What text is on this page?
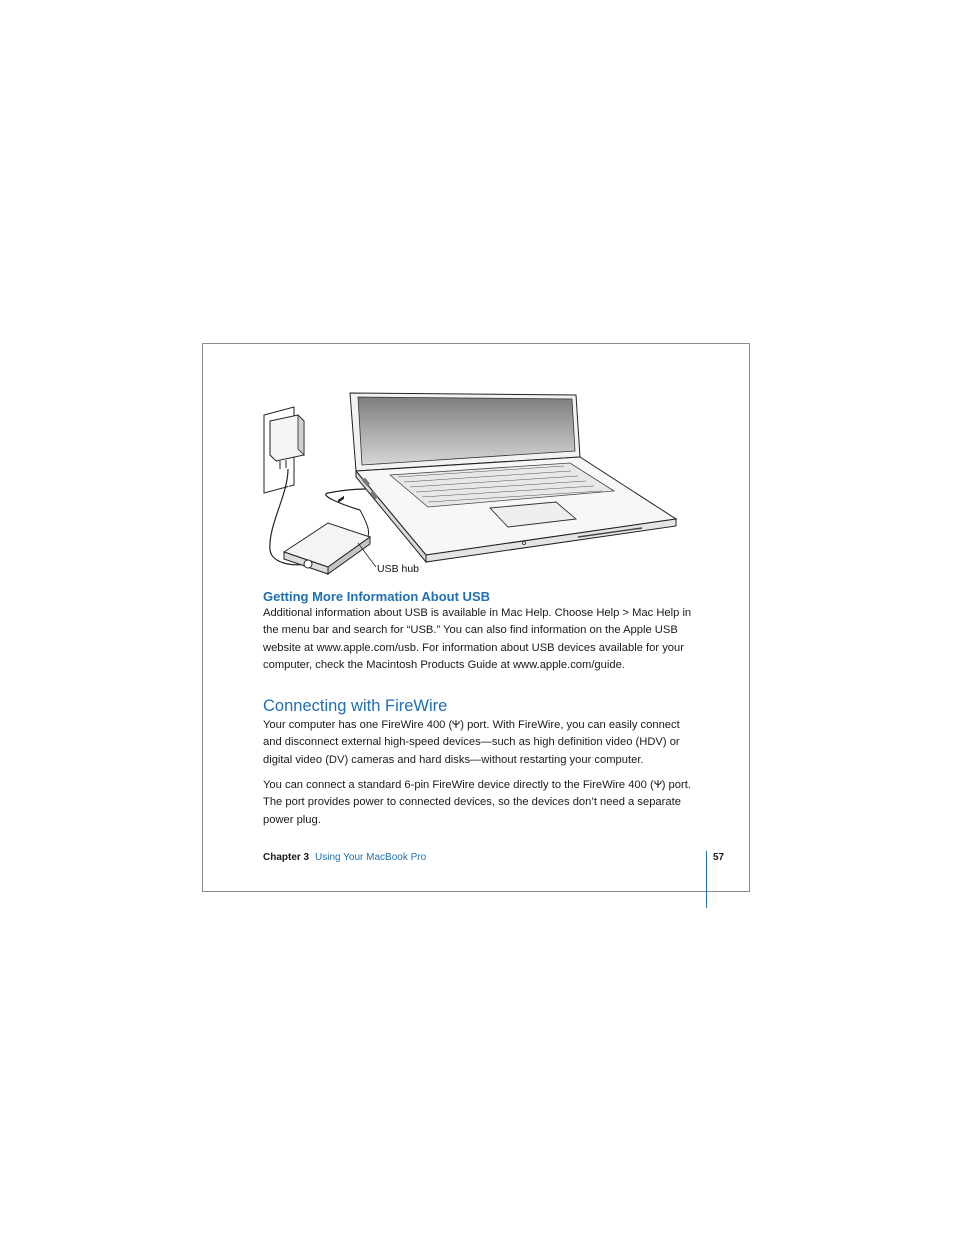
USB hub
Getting More Information About USB
Additional information about USB is available in Mac Help. Choose Help > Mac Help in
the menu bar and search for “USB.” You can also find information on the Apple USB
website at www.apple.com/usb. For information about USB devices available for your
computer, check the Macintosh Products Guide at www.apple.com/guide.
Connecting with FireWire
Your computer has one FireWire 400 ( ) port. With FireWire, you can easily connect
and disconnect external high-speed devices—such as high definition video (HDV) or
digital video (DV) cameras and hard disks—without restarting your computer.
You can connect a standard 6-pin FireWire device directly to the FireWire 400 ( ) port.
The port provides power to connected devices, so the devices don’t need a separate
power plug.
Chapter 3 Using Your MacBook Pro	57
